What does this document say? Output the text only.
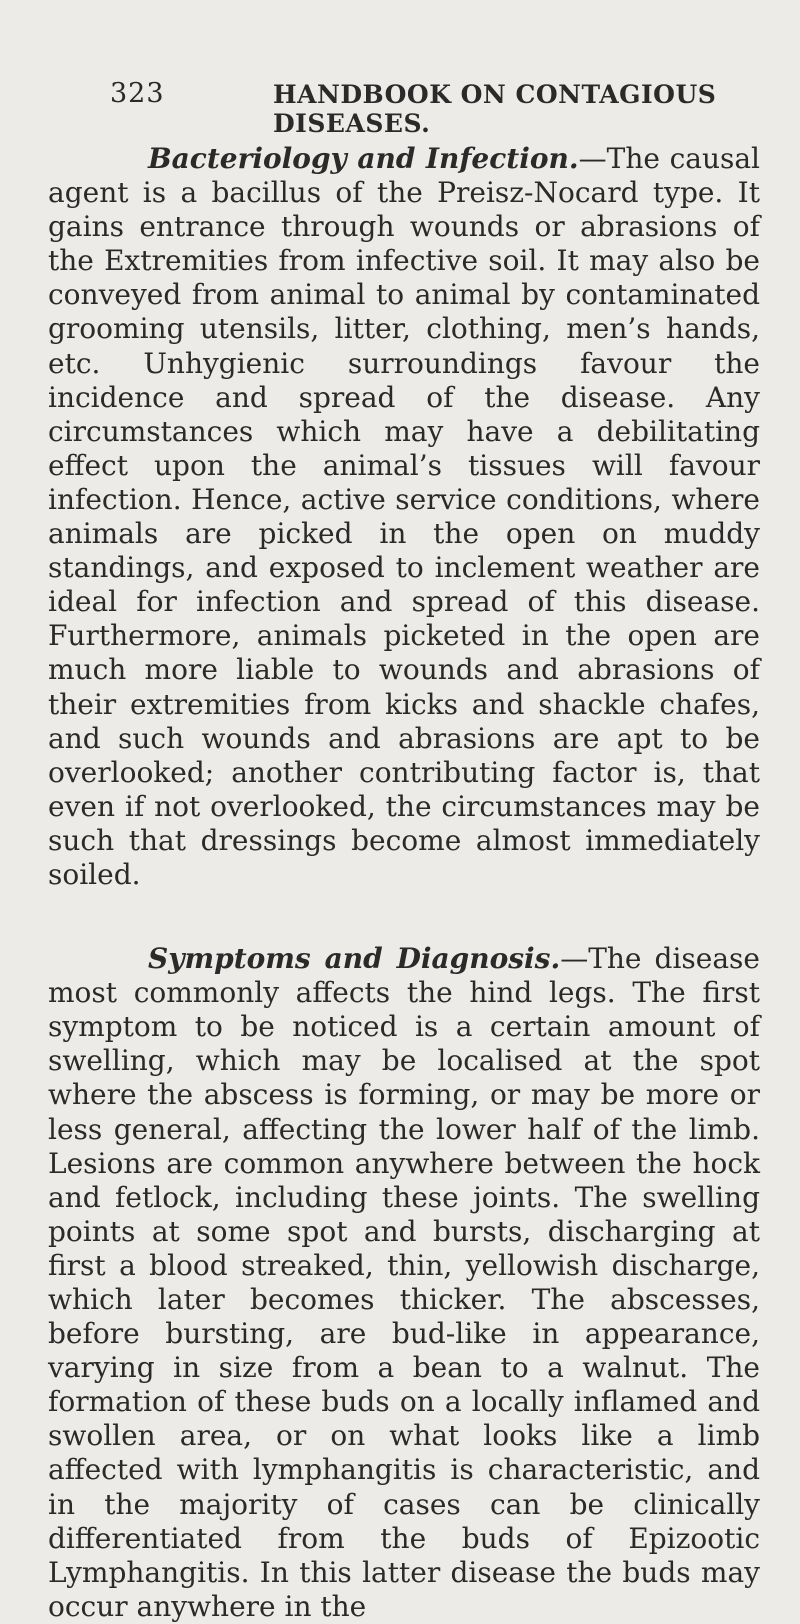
323	HANDBOOK ON CONTAGIOUS DISEASES.

Bacteriology and Infection.—The causal agent is a bacillus of the Preisz-Nocard type. It gains entrance through wounds or abrasions of the Extremities from infective soil. It may also be conveyed from animal to animal by contaminated grooming utensils, litter, clothing, men’s hands, etc. Unhygienic surroundings favour the incidence and spread of the disease. Any circumstances which may have a debilitating effect upon the animal’s tissues will favour infection. Hence, active service conditions, where animals are picked in the open on muddy standings, and exposed to inclement weather are ideal for infection and spread of this disease. Furthermore, animals picketed in the open are much more liable to wounds and abrasions of their extremities from kicks and shackle chafes, and such wounds and abrasions are apt to be overlooked; another contributing factor is, that even if not overlooked, the circumstances may be such that dressings become almost immediately soiled.

Symptoms and Diagnosis.—The disease most commonly affects the hind legs. The first symptom to be noticed is a certain amount of swelling, which may be localised at the spot where the abscess is forming, or may be more or less general, affecting the lower half of the limb. Lesions are common anywhere between the hock and fetlock, including these joints. The swelling points at some spot and bursts, discharging at first a blood streaked, thin, yellowish discharge, which later becomes thicker. The abscesses, before bursting, are bud-like in appearance, varying in size from a bean to a walnut. The formation of these buds on a locally inflamed and swollen area, or on what looks like a limb affected with lymphangitis is characteristic, and in the majority of cases can be clinically differentiated from the buds of Epizootic Lymphangitis. In this latter disease the buds may occur anywhere in the
